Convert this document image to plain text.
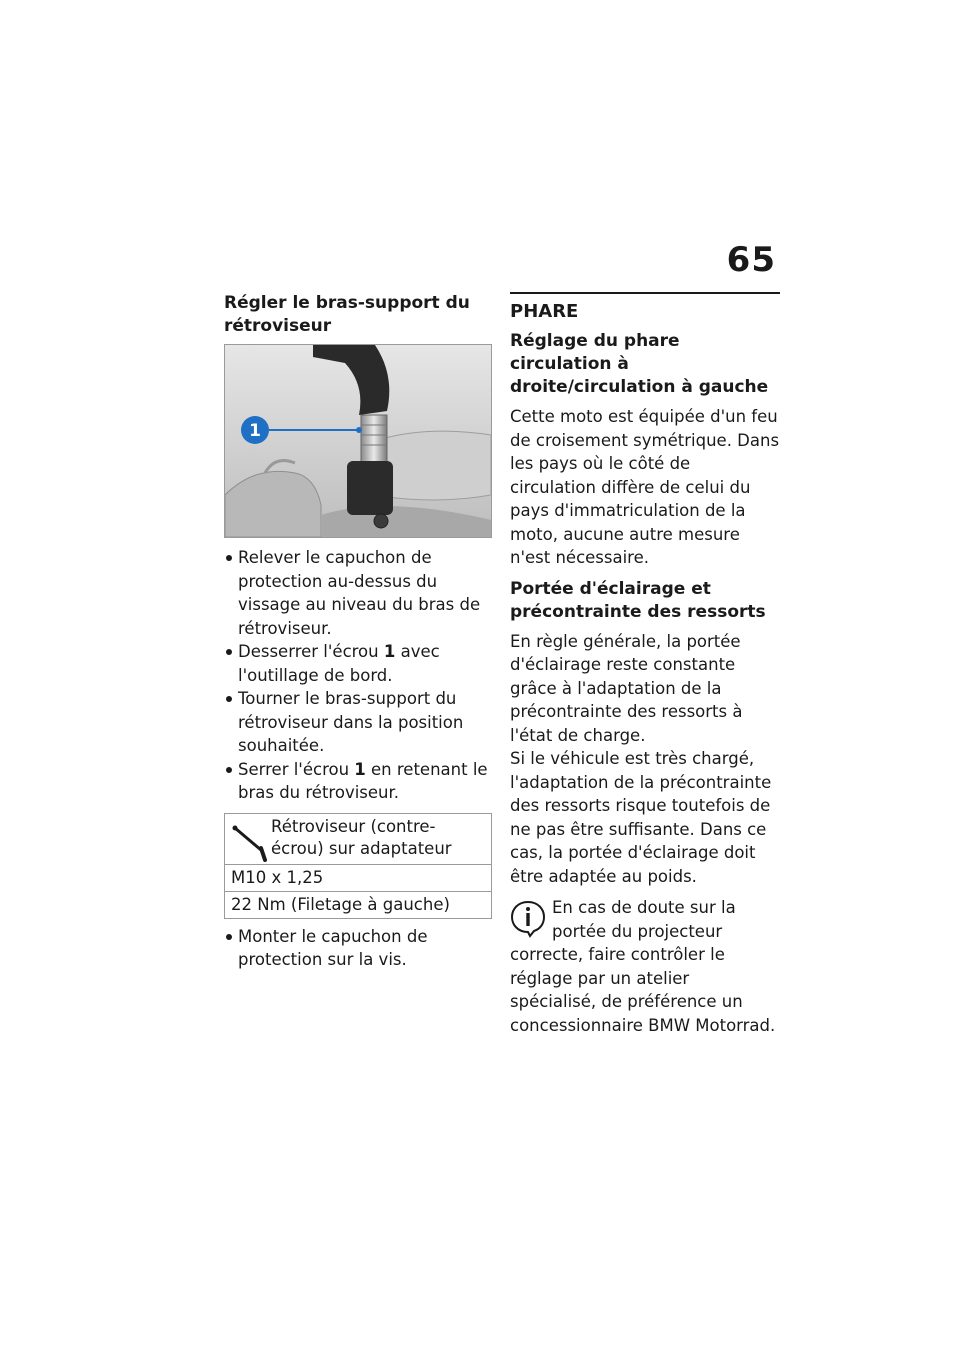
65
Régler le bras-support du rétroviseur
1
Relever le capuchon de protection au-dessus du vissage au niveau du bras de rétroviseur.
Desserrer l'écrou 1 avec l'outillage de bord.
Tourner le bras-support du rétroviseur dans la position souhaitée.
Serrer l'écrou 1 en retenant le bras du rétroviseur.
Rétroviseur (contre-écrou) sur adaptateur

M10 x 1,25
22 Nm (Filetage à gauche)
Monter le capuchon de protection sur la vis.
PHARE
Réglage du phare circulation à droite/circulation à gauche
Cette moto est équipée d'un feu de croisement symétrique. Dans les pays où le côté de circulation diffère de celui du pays d'immatriculation de la moto, aucune autre mesure n'est nécessaire.
Portée d'éclairage et précontrainte des ressorts
En règle générale, la portée d'éclairage reste constante grâce à l'adaptation de la précontrainte des ressorts à l'état de charge.
Si le véhicule est très chargé, l'adaptation de la précontrainte des ressorts risque toutefois de ne pas être suffisante. Dans ce cas, la portée d'éclairage doit être adaptée au poids.
En cas de doute sur la portée du projecteur correcte, faire contrôler le réglage par un atelier spécialisé, de préférence un concessionnaire BMW Motorrad.
